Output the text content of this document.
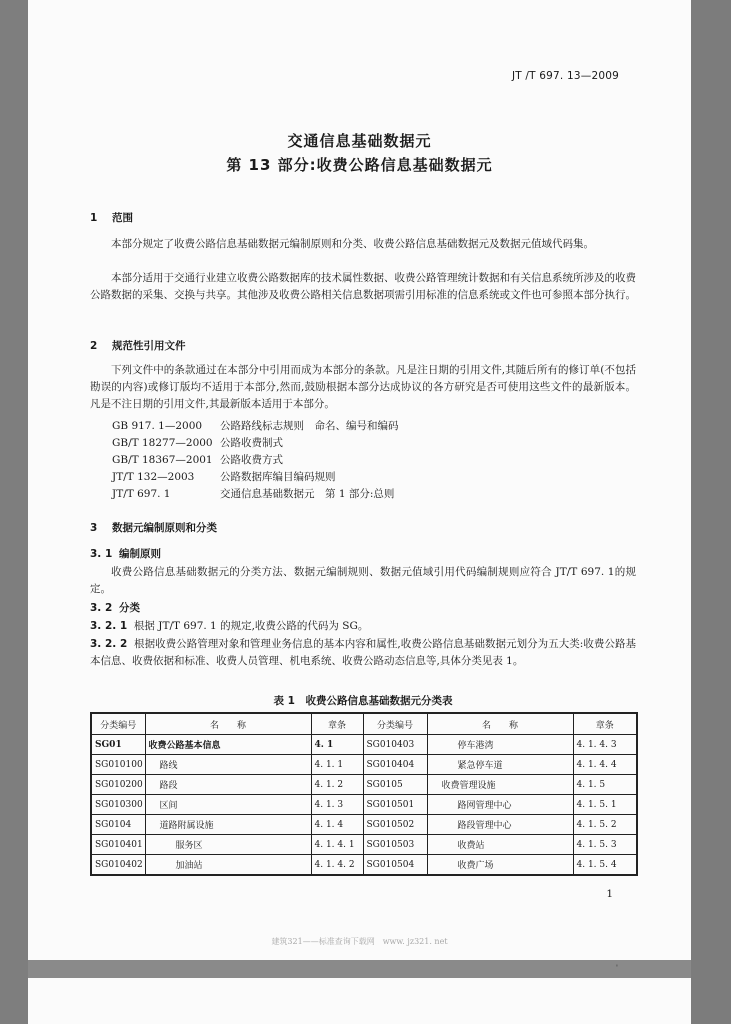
JT /T 697. 13—2009
交通信息基础数据元
第 13 部分:收费公路信息基础数据元
1 范围

本部分规定了收费公路信息基础数据元编制原则和分类、收费公路信息基础数据元及数据元值域代码集。

本部分适用于交通行业建立收费公路数据库的技术属性数据、收费公路管理统计数据和有关信息系统所涉及的收费公路数据的采集、交换与共享。其他涉及收费公路相关信息数据项需引用标准的信息系统或文件也可参照本部分执行。

2 规范性引用文件

下列文件中的条款通过在本部分中引用而成为本部分的条款。凡是注日期的引用文件,其随后所有的修订单(不包括勘误的内容)或修订版均不适用于本部分,然而,鼓励根据本部分达成协议的各方研究是否可使用这些文件的最新版本。凡是不注日期的引用文件,其最新版本适用于本部分。

GB 917. 1—2000 公路路线标志规则　命名、编号和编码
GB/T 18277—2000 公路收费制式
GB/T 18367—2001 公路收费方式
JT/T 132—2003 公路数据库编目编码规则
JT/T 697. 1	交通信息基础数据元　第 1 部分:总则
3 数据元编制原则和分类
3. 1 编制原则

收费公路信息基础数据元的分类方法、数据元编制规则、数据元值域引用代码编制规则应符合 JT/T 697. 1的规定。

3. 2 分类
3. 2. 1 根据 JT/T 697. 1 的规定,收费公路的代码为 SG。
3. 2. 2 根据收费公路管理对象和管理业务信息的基本内容和属性,收费公路信息基础数据元划分为五大类:收费公路基本信息、收费依据和标准、收费人员管理、机电系统、收费公路动态信息等,具体分类见表 1。
表 1　收费公路信息基础数据元分类表
分类编号	名　　称	章条	分类编号	名　　称	章条
SG01	收费公路基本信息	4. 1	SG010403	停车港湾	4. 1. 4. 3
SG010100	路线	4. 1. 1	SG010404	紧急停车道	4. 1. 4. 4
SG010200	路段	4. 1. 2	SG0105	收费管理设施	4. 1. 5
SG010300	区间	4. 1. 3	SG010501	路网管理中心	4. 1. 5. 1
SG0104	道路附属设施	4. 1. 4	SG010502	路段管理中心	4. 1. 5. 2
SG010401	服务区	4. 1. 4. 1	SG010503	收费站	4. 1. 5. 3
SG010402	加油站	4. 1. 4. 2	SG010504	收费广场	4. 1. 5. 4
1
建筑321——标准查询下载网　www. jz321. net
'
